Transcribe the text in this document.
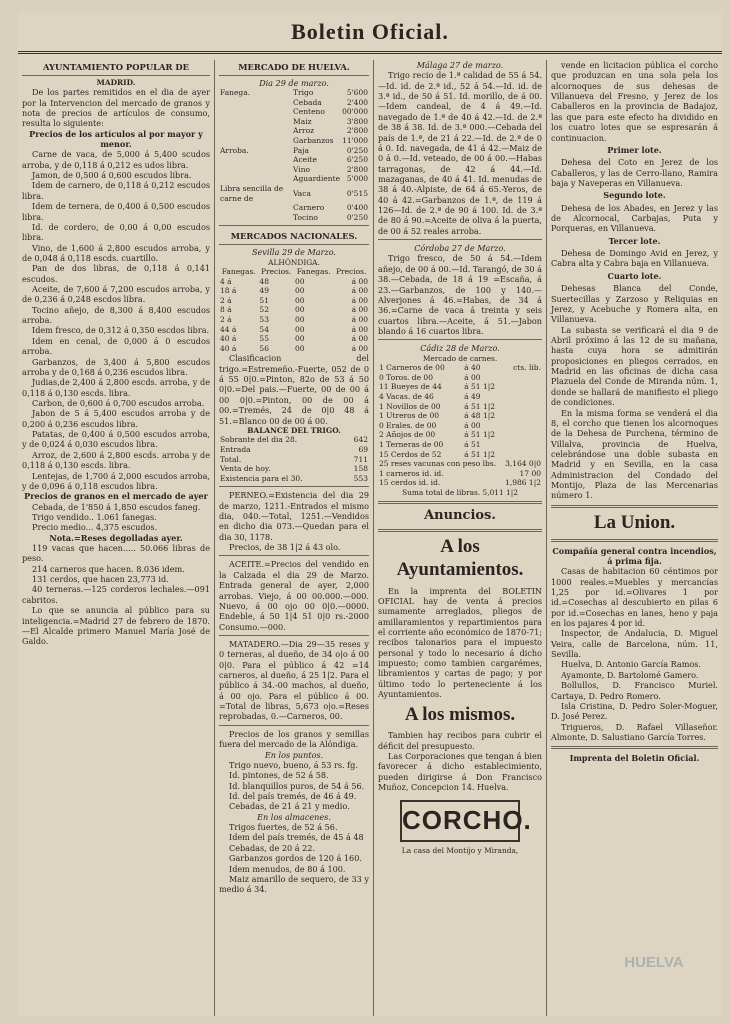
Boletin Oficial.
AYUNTAMIENTO POPULAR DE
MADRID.

De los partes remitidos en el dia de ayer por la Intervencion del mercado de granos y nota de precios de artículos de consumo, resulta lo siguiente:

Precios de los artículos al por mayor y menor.

Carne de vaca, de 5,000 á 5,400 scudos arroba, y de 0,118 á 0,212 es udos libra.

Jamon, de 0,500 á 0,600 escudos libra.

Idem de carnero, de 0,118 á 0,212 escudos libra.

Idem de ternera, de 0,400 á 0,500 escudos libra.

Id. de cordero, de 0,00 á 0,00 escudos libra.

Vino, de 1,600 á 2,800 escudos arroba, y de 0,048 á 0,118 escds. cuartillo.

Pan de dos libras, de 0,118 á 0,141 escudos.

Aceite, de 7,600 á 7,200 escudos arroba, y de 0,236 á 0,248 escdos libra.

Tocino añejo, de 8,300 á 8,400 escudos arroba.

Idem fresco, de 0,312 á 0,350 escdos libra.

Idem en cenal, de 0,000 á 0 escudos arroba.

Garbanzos, de 3,400 á 5,800 escudos arroba y de 0,168 á 0,236 escudos libra.

Judias,de 2,400 á 2,800 escds. arroba, y de 0,118 á 0,130 escds. libra.

Carbon, de 0,600 á 0,700 escudos arroba.

Jabon de 5 á 5,400 escudos arroba y de 0,200 á 0,236 escudos libra.

Patatas, de 0,400 á 0,500 escudos arroba, y de 0,024 á 0,030 escudos libra.

Arroz, de 2,600 á 2,800 escds. arroba y de 0,118 á 0,130 escds. libra.

Lentejas, de 1,700 á 2,000 escudos arroba, y de 0,096 á 0,118 escudos libra.

Precios de granos en el mercado de ayer

Cebada, de 1'850 á 1,850 escudos faneg.

Trigo vendido.. 1.061 fanegas.

Precio medio... 4,375 escudos.

Nota.=Reses degolladas ayer.

119 vacas que hacen..... 50.066 libras de peso.

214 carneros que hacen. 8.036 idem.

131 cerdos, que hacen 23,773 id.

40 terneras.—125 corderos lechales.—091 cabritos.

Lo que se anuncia al público para su inteligencia.=Madrid 27 de febrero de 1870.—El Alcalde primero Manuel María José de Galdo.

MERCADO DE HUELVA.
Dia 29 de marzo.
Fanega.	Trigo	5'600
	Cebada	2'400
	Centeno	00'000
	Maiz	3'800
	Arroz	2'800
	Garbanzos	11'000
Arroba.	Paja	0'250
	Aceite	6'250
	Vino	2'800
	Aguardiente	5'000
Libra sencilla de carne de	Vaca	0'515
	Carnero	0'400
	Tocino	0'250
MERCADOS NACIONALES.
Sevilla 29 de Marzo.
ALHÓNDIGA.
Fanegas.	Precios.	Fanegas.	Precios.
4 á	48	00	á 00
18 á	49	00	á 00
2 á	51	00	á 00
8 á	52	00	á 00
2 á	53	00	á 00
44 á	54	00	á 00
40 á	55	00	á 00
40 á	56	00	á 00

Clasificacion del trigo.=Estremeño.-Fuerte, 052 de 0 á 55 0|0.=Pinton, 82o de 53 á 50 0|0.=Del pais.—Fuerte, 00 de 00 á 00 0|0.=Pinton, 00 de 00 á 00.=Tremés, 24 de 0|0 48 á 51.=Blanco 00 de 00 á 00.

BALANCE DEL TRIGO.
Sobrante del dia 28.	642
Entrada	69
Total.	711
Venta de hoy.	158
Existencia para el 30.	553

PERNEO.=Existencia del dia 29 de marzo, 1211.-Entrados el mismo dia, 040.—Total, 1251.—Vendidos en dicho dia 073.—Quedan para el dia 30, 1178.

Precios, de 38 1|2 á 43 olo.

ACEITE.=Precios del vendido en la Calzada el dia 29 de Marzo. Entrada general de ayer, 2,000 arrobas. Viejo, á 00 00.000.—000. Nuevo, á 00 ojo 00 0|0.—0000. Endeble, á 50 1|4 51 0|0 rs.-2000 Consumo.—000.

MATADERO.—Dia 29—35 reses y 0 terneras, al dueño, de 34 o|o á 00 0|0. Para el público á 42 =14 carneros, al dueño, á 25 1|2. Para el público á 34.-00 machos, al dueño, á 00 ojo. Para el público á 00. =Total de libras, 5,673 o|o.=Reses reprobadas, 0.—Carneros, 00.

Precios de los granos y semillas fuera del mercado de la Alóndiga.

En los puntos.

Trigo nuevo, bueno, á 53 rs. fg.

Id. pintones, de 52 á 58.

Id. blanquillos puros, de 54 á 56.

Id. del país tremés, de 46 á 49.

Cebadas, de 21 á 21 y medio.

En los almacenes.

Trigos fuertes, de 52 á 56.

Idem del país tremés, de 45 á 48

Cebadas, de 20 á 22.

Garbanzos gordos de 120 á 160.

Idem menudos, de 80 á 100.

Maiz amarillo de sequero, de 33 y medio á 34.

Málaga 27 de marzo.

Trigo recio de 1.ª calidad de 55 á 54.—Id. id. de 2.ª id., 52 á 54.—Id. id. de 3.ª id., de 50 á 51. Id. morillo, de á 00.—Idem candeal, de 4 á 49.—Id. navegado de 1.ª de 40 á 42.—Id. de 2.ª de 38 á 38. Id. de 3.ª 000.—Cebada del país de 1.ª, de 21 á 22.—Id. de 2.ª de 0 á 0. Id. navegada, de 41 á 42.—Maiz de 0 á 0.—Id. veteado, de 00 á 00.—Habas tarragonas, de 42 á 44.—Id. mazaganas, de 40 á 41. Id. menudas de 38 á 40.-Alpiste, de 64 á 65.-Yeros, de 40 á 42.=Garbanzos de 1.ª, de 119 á 126—Id. de 2.ª de 90 á 100. Id. de 3.ª de 80 á 90.=Aceite de oliva á la puerta, de 00 á 52 reales arroba.

Córdoba 27 de Marzo.

Trigo fresco, de 50 á 54.—Idem añejo, de 00 á 00.—Id. Tarangó, de 30 á 38.—Cebada, de 18 á 19 =Escaña, á 23.—Garbanzos, de 100 y 140.—Alverjones á 46.=Habas, de 34 á 36.=Carne de vaca á treinta y seis cuartos libra.—Aceite, á 51.—Jabon blando á 16 cuartos libra.

Cádiz 28 de Marzo.
Mercado de carnes.
1 Carneros de 00	á 40	cts. lib.
0 Toros. de 00	á 00	
11 Bueyes de 44	á 51 1|2	
4 Vacas. de 46	á 49	
1 Novillos de 00	á 51 1|2	
1 Utreros de 00	á 48 1|2	
0 Erales. de 00	á 00	
2 Añojos de 00	á 51 1|2	
1 Terneras de 00	á 51	
15 Cerdos de 52	á 51 1|2	
25 reses vacunas con peso lbs.	3,164 0|0
1 carneros id. id.	17 00
15 cerdos id. id.	1,986 1|2
Suma total de libras. 5,011 1|2
Anuncios.
A los Ayuntamientos.

En la imprenta del BOLETIN OFICIAL hay de venta á precios sumamente arreglados, pliegos de amillaramientos y repartimientos para el corriente año económico de 1870-71; recibos talonarios para el impuesto personal y todo lo necesario á dicho impuesto; como tambien cargarémes, libramientos y cartas de pago; y por último todo lo perteneciente á los Ayuntamientos.

A los mismos.

Tambien hay recibos para cubrir el déficit del presupuesto.

Las Corporaciones que tengan á bien favorecer á dicho establecimiento, pueden dirigirse á Don Francisco Muñoz, Concepcion 14. Huelva.

CORCHO.
La casa del Montijo y Miranda,

vende en licitacion pública el corcho que produzcan en una sola pela los alcornoques de sus dehesas de Villanueva del Fresno, y Jerez de los Caballeros en la provincia de Badajoz, las que para este efecto ha dividido en los cuatro lotes que se espresarán á continuacion.

Primer lote.

Dehesa del Coto en Jerez de los Caballeros, y las de Cerro-llano, Ramira baja y Naveperas en Villanueva.

Segundo lote.

Dehesa de los Abades, en Jerez y las de Alcornocal, Carbajas, Puta y Porqueras, en Villanueva.

Tercer lote.

Dehesa de Domingo Avid en Jerez, y Cabra alta y Cabra baja en Villanueva.

Cuarto lote.

Dehesas Blanca del Conde, Suertecillas y Zarzoso y Reliquias en Jerez, y Acebuche y Romera alta, en Villanueva.

La subasta se verificará el dia 9 de Abril próximo á las 12 de su mañana, hasta cuya hora se admitirán proposiciones en pliegos cerrados, en Madrid en las oficinas de dicha casa Plazuela del Conde de Miranda núm. 1, donde se hallará de manifiesto el pliego de condiciones.

En la misma forma se venderá el dia 8, el corcho que tienen los alcornoques de la Dehesa de Purchena, término de Villalva, provincia de Huelva, celebrándose una doble subasta en Madrid y en Sevilla, en la casa Administracion del Condado del Montijo, Plaza de las Mercenarias número 1.

La Union.
Compañía general contra incendios, á prima fija.

Casas de habitacion 60 céntimos por 1000 reales.=Muebles y mercancías 1,25 por id.=Olivares 1 por id.=Cosechas al descubierto en pilas 6 por id.=Cosechas en lanes, heno y paja en los pajares 4 por id.

Inspector, de Andalucia, D. Miguel Veira, calle de Barcelona, núm. 11, Sevilla.

Huelva, D. Antonio García Ramos.

Ayamonte, D. Bartolomé Gamero.

Bollullos, D. Francisco Muriel. Cartaya, D. Pedro Romero.

Isla Cristina, D. Pedro Soler-Moguer, D. José Perez.

Trigueros, D. Rafael Villaseñor. Almonte, D. Salustiano García Torres.

Imprenta del Boletin Oficial.
HUELVA
